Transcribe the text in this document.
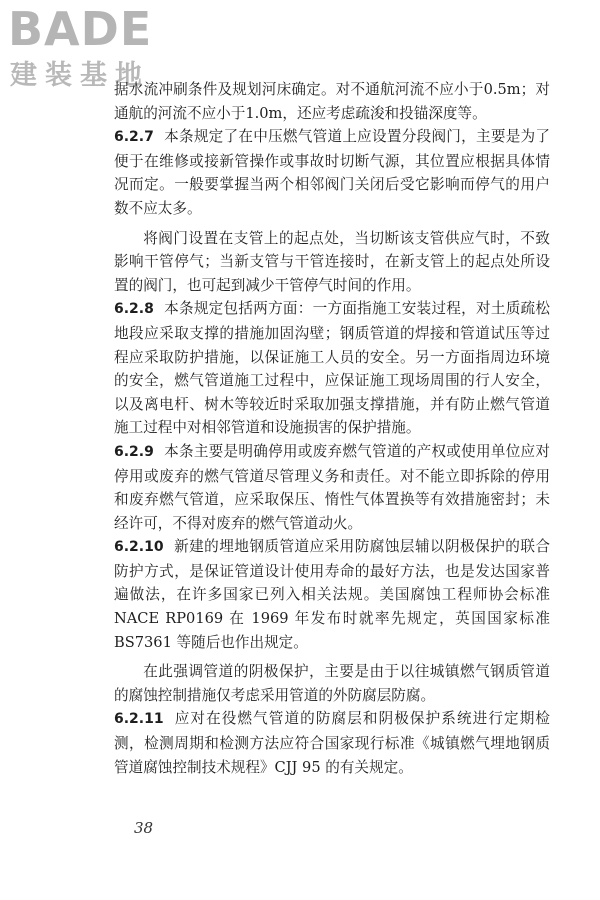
BADE
建装基地

据水流冲刷条件及规划河床确定。对不通航河流不应小于0.5m；对通航的河流不应小于1.0m，还应考虑疏浚和投锚深度等。

6.2.7 本条规定了在中压燃气管道上应设置分段阀门，主要是为了便于在维修或接新管操作或事故时切断气源，其位置应根据具体情况而定。一般要掌握当两个相邻阀门关闭后受它影响而停气的用户数不应太多。

将阀门设置在支管上的起点处，当切断该支管供应气时，不致影响干管停气；当新支管与干管连接时，在新支管上的起点处所设置的阀门，也可起到减少干管停气时间的作用。

6.2.8 本条规定包括两方面：一方面指施工安装过程，对土质疏松地段应采取支撑的措施加固沟壁；钢质管道的焊接和管道试压等过程应采取防护措施，以保证施工人员的安全。另一方面指周边环境的安全，燃气管道施工过程中，应保证施工现场周围的行人安全，以及离电杆、树木等较近时采取加强支撑措施，并有防止燃气管道施工过程中对相邻管道和设施损害的保护措施。

6.2.9 本条主要是明确停用或废弃燃气管道的产权或使用单位应对停用或废弃的燃气管道尽管理义务和责任。对不能立即拆除的停用和废弃燃气管道，应采取保压、惰性气体置换等有效措施密封；未经许可，不得对废弃的燃气管道动火。

6.2.10 新建的埋地钢质管道应采用防腐蚀层辅以阴极保护的联合防护方式，是保证管道设计使用寿命的最好方法，也是发达国家普遍做法，在许多国家已列入相关法规。美国腐蚀工程师协会标准 NACE RP0169 在 1969 年发布时就率先规定，英国国家标准 BS7361 等随后也作出规定。

在此强调管道的阴极保护，主要是由于以往城镇燃气钢质管道的腐蚀控制措施仅考虑采用管道的外防腐层防腐。

6.2.11 应对在役燃气管道的防腐层和阴极保护系统进行定期检测，检测周期和检测方法应符合国家现行标准《城镇燃气埋地钢质管道腐蚀控制技术规程》CJJ 95 的有关规定。

38
